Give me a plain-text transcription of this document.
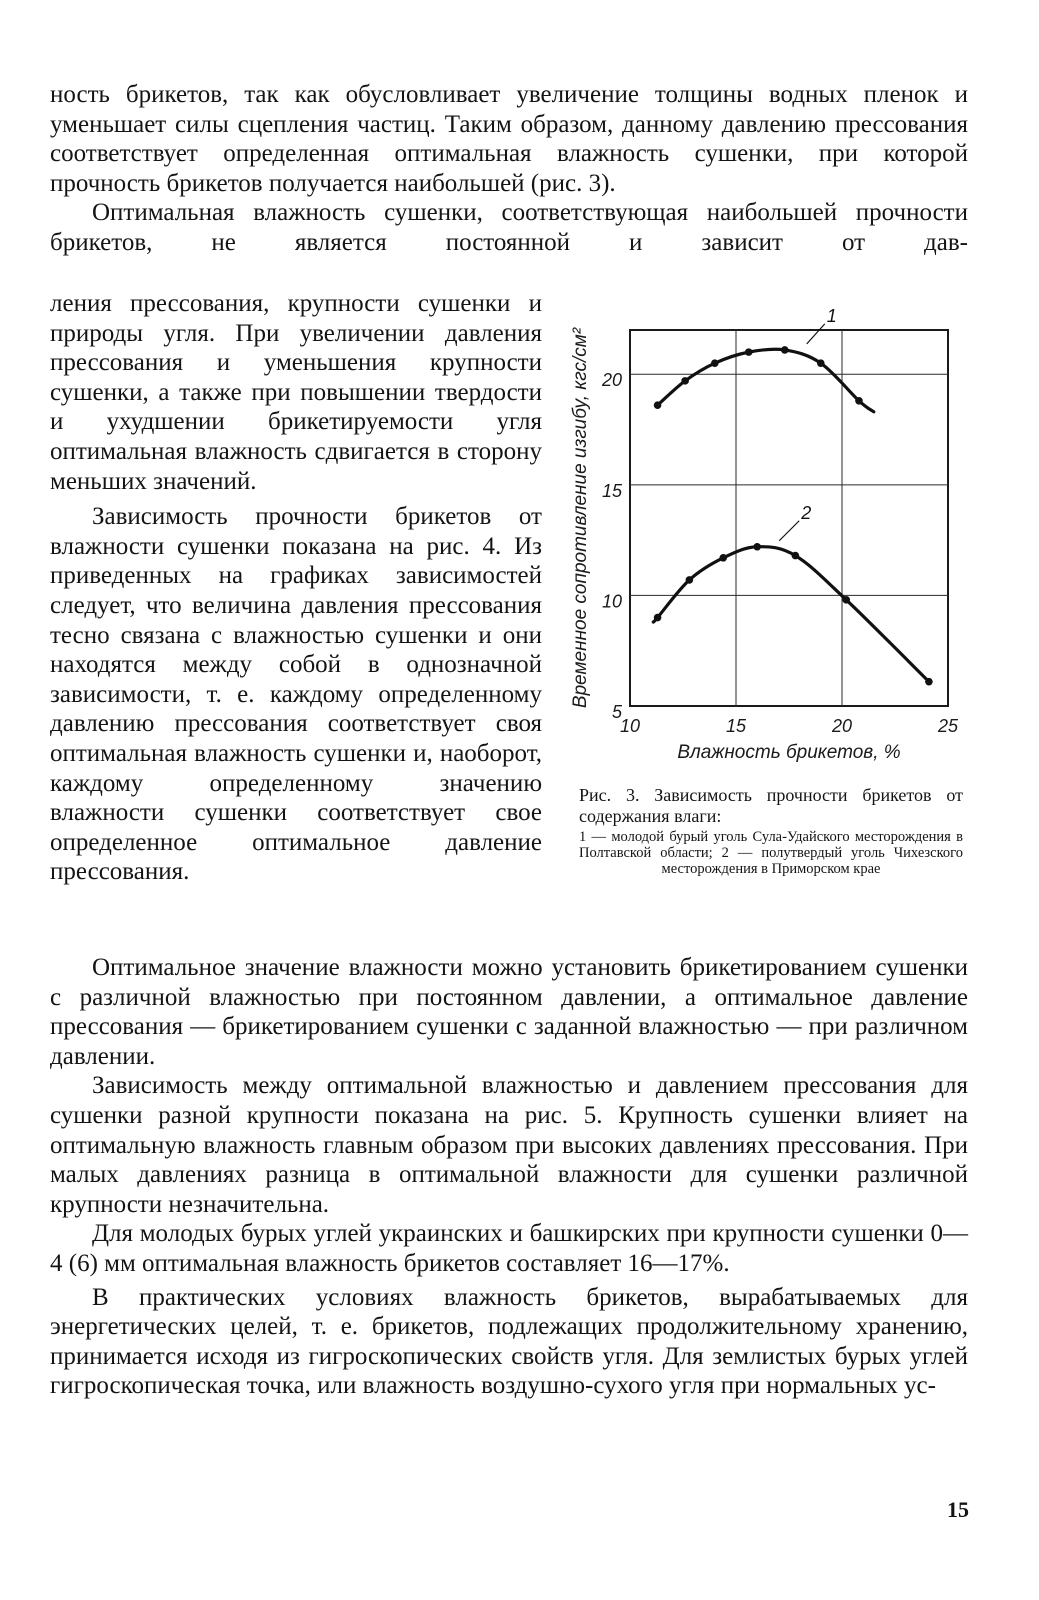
ность брикетов, так как обусловливает увеличение толщины водных пленок и уменьшает силы сцепления частиц. Таким образом, данному давлению прессования соответствует определенная оптимальная влажность сушенки, при которой прочность брикетов получается наибольшей (рис. 3).

Оптимальная влажность сушенки, соответствующая наибольшей прочности брикетов, не является постоянной и зависит от дав-

ления прессования, крупности сушенки и природы угля. При увеличении давления прессования и уменьшения крупности сушенки, а также при повышении твердости и ухудшении брикетируемости угля оптимальная влажность сдвигается в сторону меньших значений.

Зависимость прочности брикетов от влажности сушенки показана на рис. 4. Из приведенных на графиках зависимостей следует, что величина давления прессования тесно связана с влажностью сушенки и они находятся между собой в однозначной зависимости, т. е. каждому определенному давлению прессования соответствует своя оптимальная влажность сушенки и, наоборот, каждому определенному значению влажности сушенки соответствует свое определенное оптимальное давление прессования.

10	15	20	25
5
10
15
20
Влажность брикетов, %
Временное сопротивление изгибу, кгс/см²
1
2
Рис. 3. Зависимость прочности брикетов от содержания влаги:
1 — молодой бурый уголь Сула-Удайского месторождения в Полтавской области; 2 — полутвердый уголь Чихезского месторождения в Приморском крае

Оптимальное значение влажности можно установить брикетированием сушенки с различной влажностью при постоянном давлении, а оптимальное давление прессования — брикетированием сушенки с заданной влажностью — при различном давлении.

Зависимость между оптимальной влажностью и давлением прессования для сушенки разной крупности показана на рис. 5. Крупность сушенки влияет на оптимальную влажность главным образом при высоких давлениях прессования. При малых давлениях разница в оптимальной влажности для сушенки различной крупности незначительна.

Для молодых бурых углей украинских и башкирских при крупности сушенки 0—4 (6) мм оптимальная влажность брикетов составляет 16—17%.

В практических условиях влажность брикетов, вырабатываемых для энергетических целей, т. е. брикетов, подлежащих продолжительному хранению, принимается исходя из гигроскопических свойств угля. Для землистых бурых углей гигроскопическая точка, или влажность воздушно-сухого угля при нормальных ус-

15
